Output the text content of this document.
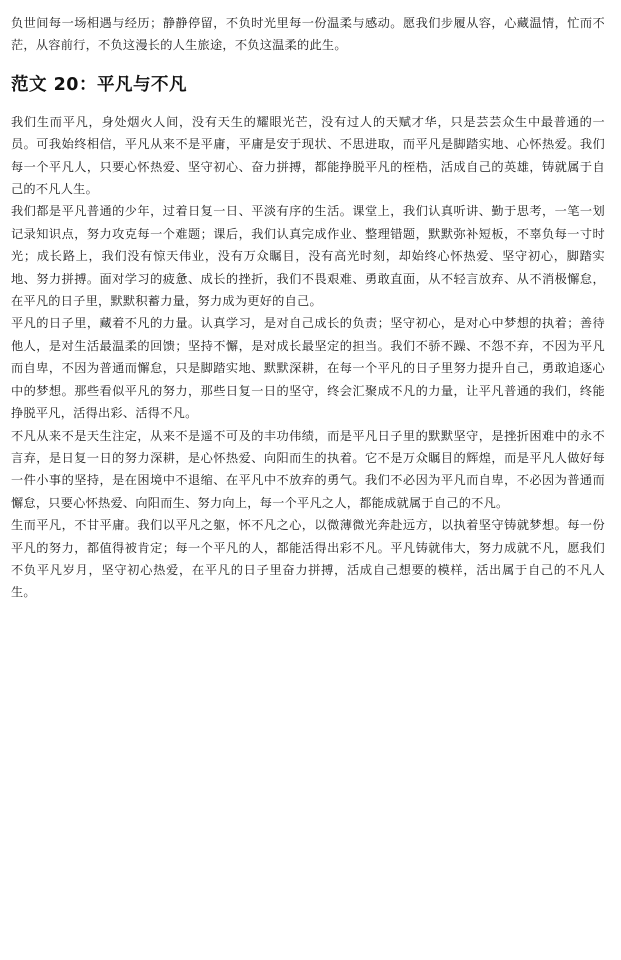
负世间每一场相遇与经历；静静停留，不负时光里每一份温柔与感动。愿我们步履从容，心藏温情，忙而不茫，从容前行，不负这漫长的人生旅途，不负这温柔的此生。

范文 20：平凡与不凡

我们生而平凡，身处烟火人间，没有天生的耀眼光芒，没有过人的天赋才华，只是芸芸众生中最普通的一员。可我始终相信，平凡从来不是平庸，平庸是安于现状、不思进取，而平凡是脚踏实地、心怀热爱。我们每一个平凡人，只要心怀热爱、坚守初心、奋力拼搏，都能挣脱平凡的桎梏，活成自己的英雄，铸就属于自己的不凡人生。

我们都是平凡普通的少年，过着日复一日、平淡有序的生活。课堂上，我们认真听讲、勤于思考，一笔一划记录知识点，努力攻克每一个难题；课后，我们认真完成作业、整理错题，默默弥补短板，不辜负每一寸时光；成长路上，我们没有惊天伟业，没有万众瞩目，没有高光时刻，却始终心怀热爱、坚守初心，脚踏实地、努力拼搏。面对学习的疲惫、成长的挫折，我们不畏艰难、勇敢直面，从不轻言放弃、从不消极懈怠，在平凡的日子里，默默积蓄力量，努力成为更好的自己。

平凡的日子里，藏着不凡的力量。认真学习，是对自己成长的负责；坚守初心，是对心中梦想的执着；善待他人，是对生活最温柔的回馈；坚持不懈，是对成长最坚定的担当。我们不骄不躁、不怨不弃，不因为平凡而自卑，不因为普通而懈怠，只是脚踏实地、默默深耕，在每一个平凡的日子里努力提升自己，勇敢追逐心中的梦想。那些看似平凡的努力，那些日复一日的坚守，终会汇聚成不凡的力量，让平凡普通的我们，终能挣脱平凡，活得出彩、活得不凡。

不凡从来不是天生注定，从来不是遥不可及的丰功伟绩，而是平凡日子里的默默坚守，是挫折困难中的永不言弃，是日复一日的努力深耕，是心怀热爱、向阳而生的执着。它不是万众瞩目的辉煌，而是平凡人做好每一件小事的坚持，是在困境中不退缩、在平凡中不放弃的勇气。我们不必因为平凡而自卑，不必因为普通而懈怠，只要心怀热爱、向阳而生、努力向上，每一个平凡之人，都能成就属于自己的不凡。

生而平凡，不甘平庸。我们以平凡之躯，怀不凡之心，以微薄微光奔赴远方，以执着坚守铸就梦想。每一份平凡的努力，都值得被肯定；每一个平凡的人，都能活得出彩不凡。平凡铸就伟大，努力成就不凡，愿我们不负平凡岁月，坚守初心热爱，在平凡的日子里奋力拼搏，活成自己想要的模样，活出属于自己的不凡人生。
